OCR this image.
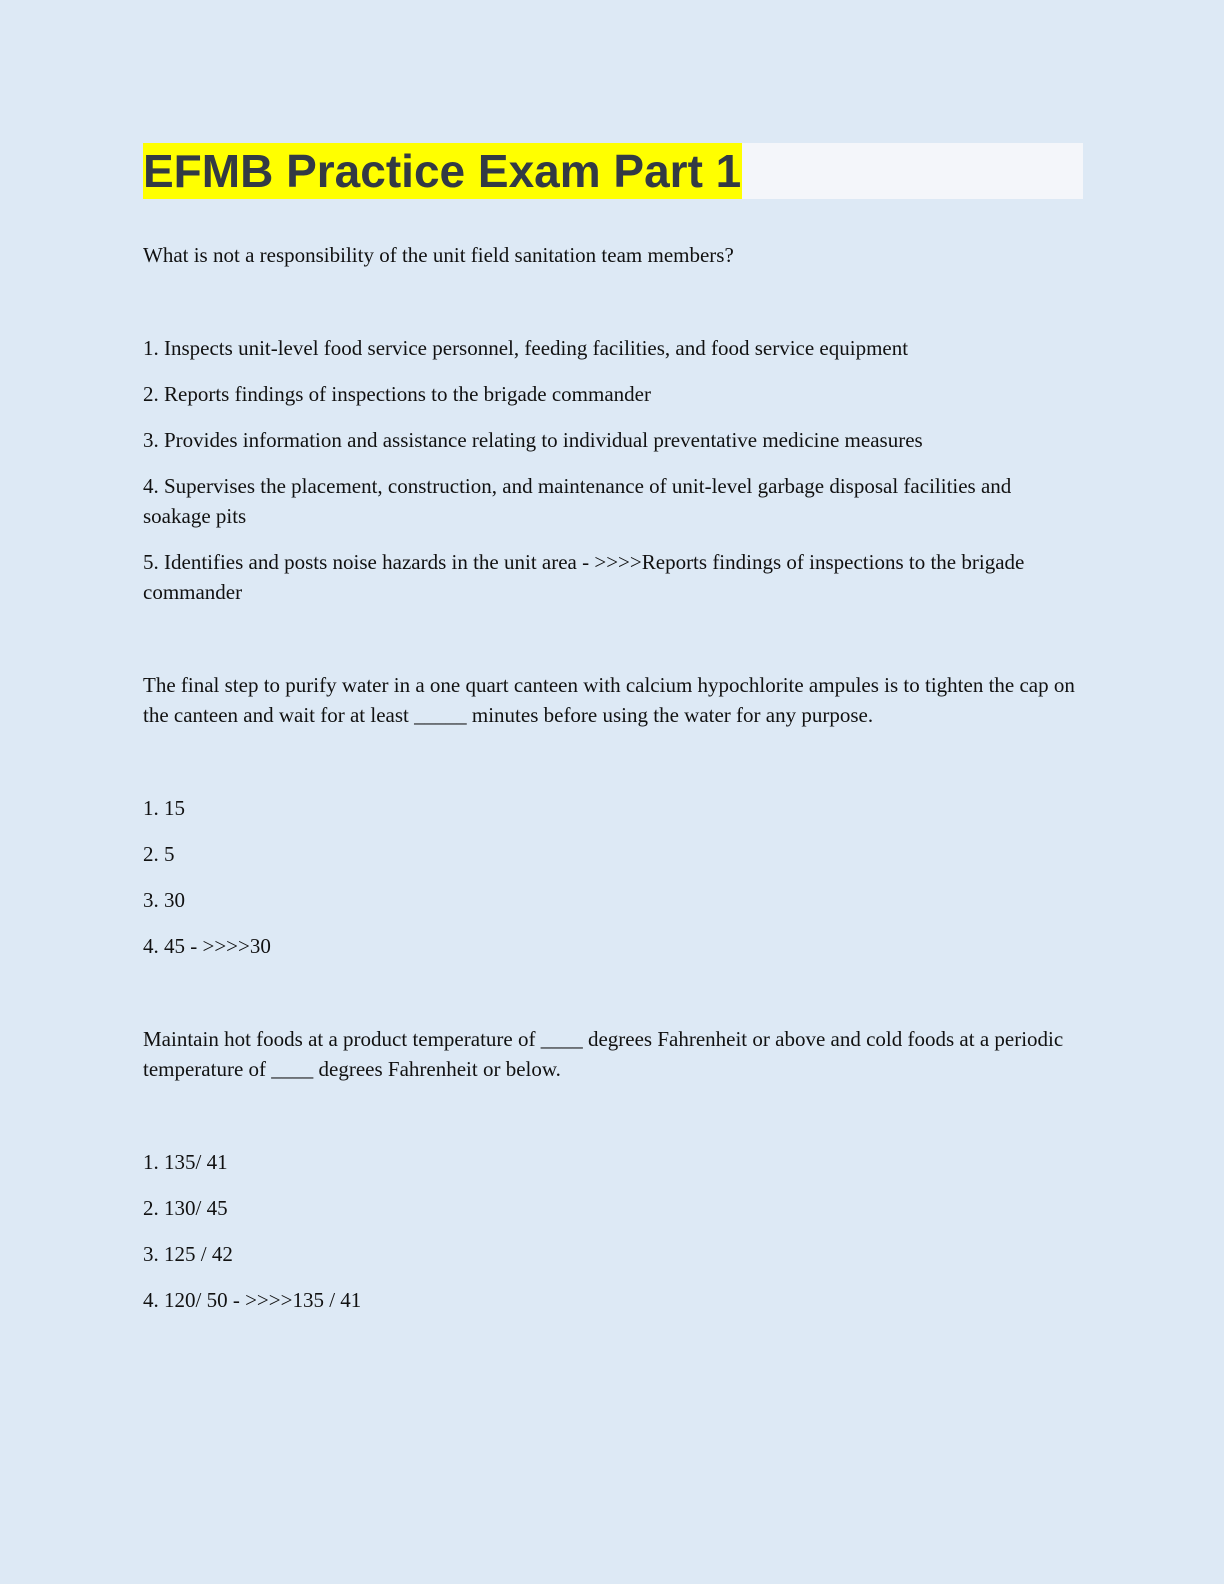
EFMB Practice Exam Part 1

What is not a responsibility of the unit field sanitation team members?

1. Inspects unit-level food service personnel, feeding facilities, and food service equipment
2. Reports findings of inspections to the brigade commander
3. Provides information and assistance relating to individual preventative medicine measures
4. Supervises the placement, construction, and maintenance of unit-level garbage disposal facilities and soakage pits
5. Identifies and posts noise hazards in the unit area - >>>>Reports findings of inspections to the brigade commander

The final step to purify water in a one quart canteen with calcium hypochlorite ampules is to tighten the cap on the canteen and wait for at least _____ minutes before using the water for any purpose.

1. 15
2. 5
3. 30
4. 45 - >>>>30

Maintain hot foods at a product temperature of ____ degrees Fahrenheit or above and cold foods at a periodic temperature of ____ degrees Fahrenheit or below.

1. 135/ 41
2. 130/ 45
3. 125 / 42
4. 120/ 50 - >>>>135 / 41
